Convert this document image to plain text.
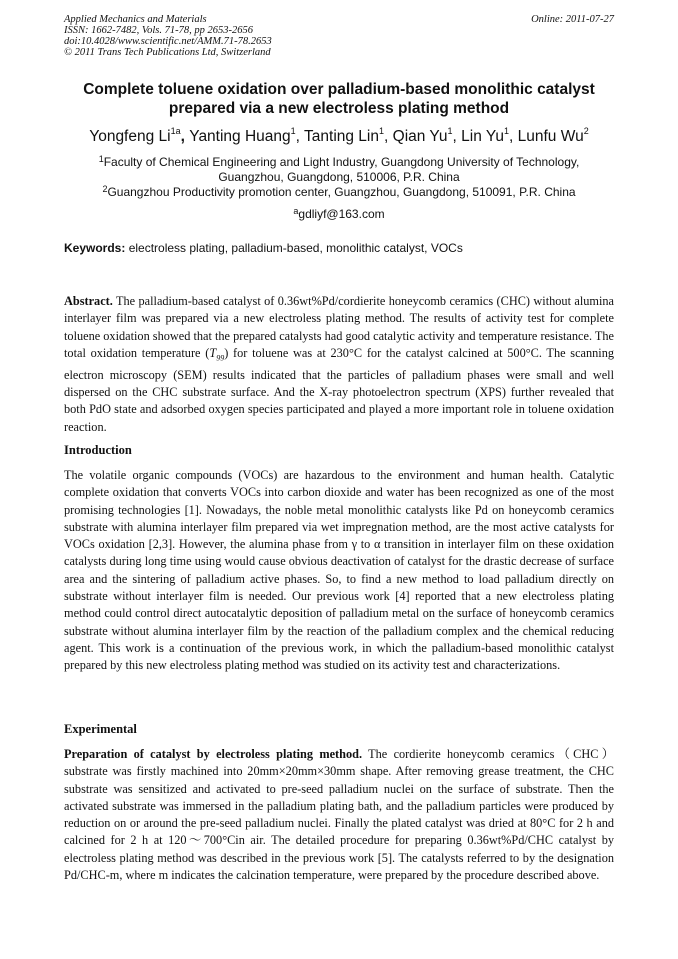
Applied Mechanics and Materials
ISSN: 1662-7482, Vols. 71-78, pp 2653-2656
doi:10.4028/www.scientific.net/AMM.71-78.2653
© 2011 Trans Tech Publications Ltd, Switzerland
Online: 2011-07-27
Complete toluene oxidation over palladium-based monolithic catalyst prepared via a new electroless plating method
Yongfeng $Li^{1a}$, Yanting Huang$^1$, Tanting Lin$^1$, Qian Yu$^1$, Lin Yu$^1$, Lunfu Wu$^2$
$^1$Faculty of Chemical Engineering and Light Industry, Guangdong University of Technology,
Guangzhou, Guangdong, 510006, P.R. China
$^2$Guangzhou Productivity promotion center, Guangzhou, Guangdong, 510091, P.R. China
$^a$gdliyf@163.com
Keywords: electroless plating, palladium-based, monolithic catalyst, VOCs
Abstract. The palladium-based catalyst of 0.36wt%Pd/cordierite honeycomb ceramics (CHC) without alumina interlayer film was prepared via a new electroless plating method. The results of activity test for complete toluene oxidation showed that the prepared catalysts had good catalytic activity and temperature resistance. The total oxidation temperature $(T_{99})$ for toluene was at 230°C for the catalyst calcined at 500°C. The scanning electron microscopy (SEM) results indicated that the particles of palladium phases were small and well dispersed on the CHC substrate surface. And the X-ray photoelectron spectrum (XPS) further revealed that both PdO state and adsorbed oxygen species participated and played a more important role in toluene oxidation reaction.
Introduction
The volatile organic compounds (VOCs) are hazardous to the environment and human health. Catalytic complete oxidation that converts VOCs into carbon dioxide and water has been recognized as one of the most promising technologies [1]. Nowadays, the noble metal monolithic catalysts like Pd on honeycomb ceramics substrate with alumina interlayer film prepared via wet impregnation method, are the most active catalysts for VOCs oxidation [2,3]. However, the alumina phase from γ to α transition in interlayer film on these oxidation catalysts during long time using would cause obvious deactivation of catalyst for the drastic decrease of surface area and the sintering of palladium active phases. So, to find a new method to load palladium directly on substrate without interlayer film is needed. Our previous work [4] reported that a new electroless plating method could control direct autocatalytic deposition of palladium metal on the surface of honeycomb ceramics substrate without alumina interlayer film by the reaction of the palladium complex and the chemical reducing agent. This work is a continuation of the previous work, in which the palladium-based monolithic catalyst prepared by this new electroless plating method was studied on its activity test and characterizations.
Experimental
Preparation of catalyst by electroless plating method. The cordierite honeycomb ceramics（CHC）substrate was firstly machined into 20mm×20mm×30mm shape. After removing grease treatment, the CHC substrate was sensitized and activated to pre-seed palladium nuclei on the surface of substrate. Then the activated substrate was immersed in the palladium plating bath, and the palladium particles were produced by reduction on or around the pre-seed palladium nuclei. Finally the plated catalyst was dried at 80°C for 2 h and calcined for 2 h at 120～700°Cin air. The detailed procedure for preparing 0.36wt%Pd/CHC catalyst by electroless plating method was described in the previous work [5]. The catalysts referred to by the designation Pd/CHC-m, where m indicates the calcination temperature, were prepared by the procedure described above.
